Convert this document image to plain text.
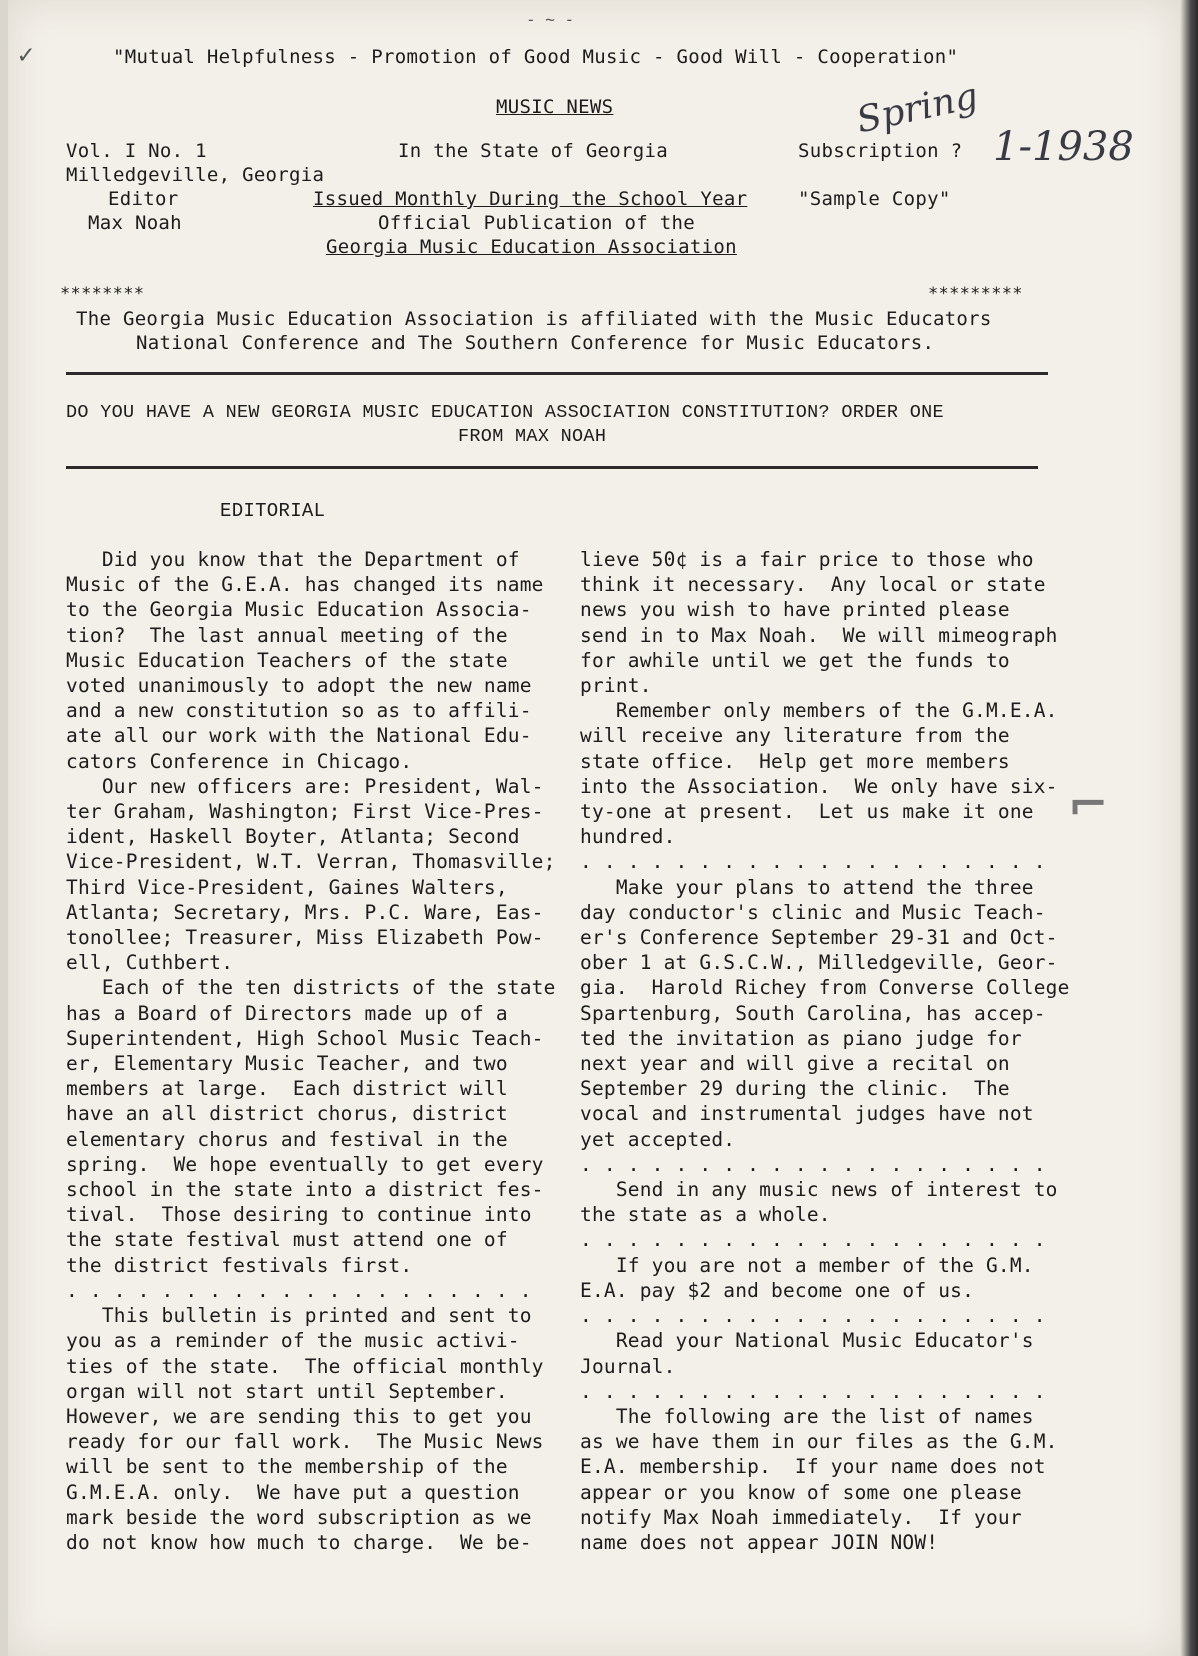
- ~ -
✓	"Mutual Helpfulness - Promotion of Good Music - Good Will - Cooperation"
MUSIC NEWS
Vol. I No. 1
Milledgeville, Georgia
Editor
Max Noah
In the State of Georgia
Issued Monthly During the School Year
Official Publication of the
Georgia Music Education Association
Subscription ?
"Sample Copy"
Spring
1-1938
********	*********
The Georgia Music Education Association is affiliated with the Music Educators
National Conference and The Southern Conference for Music Educators.
DO YOU HAVE A NEW GEORGIA MUSIC EDUCATION ASSOCIATION CONSTITUTION? ORDER ONE
FROM MAX NOAH
EDITORIAL
Did you know that the Department of
Music of the G.E.A. has changed its name
to the Georgia Music Education Associa-
tion?  The last annual meeting of the
Music Education Teachers of the state
voted unanimously to adopt the new name
and a new constitution so as to affili-
ate all our work with the National Edu-
cators Conference in Chicago.
Our new officers are: President, Wal-
ter Graham, Washington; First Vice-Pres-
ident, Haskell Boyter, Atlanta; Second
Vice-President, W.T. Verran, Thomasville;
Third Vice-President, Gaines Walters,
Atlanta; Secretary, Mrs. P.C. Ware, Eas-
tonollee; Treasurer, Miss Elizabeth Pow-
ell, Cuthbert.
Each of the ten districts of the state
has a Board of Directors made up of a
Superintendent, High School Music Teach-
er, Elementary Music Teacher, and two
members at large.  Each district will
have an all district chorus, district
elementary chorus and festival in the
spring.  We hope eventually to get every
school in the state into a district fes-
tival.  Those desiring to continue into
the state festival must attend one of
the district festivals first.
. . . . . . . . . . . . . . . . . . . .
This bulletin is printed and sent to
you as a reminder of the music activi-
ties of the state.  The official monthly
organ will not start until September.
However, we are sending this to get you
ready for our fall work.  The Music News
will be sent to the membership of the
G.M.E.A. only.  We have put a question
mark beside the word subscription as we
do not know how much to charge.  We be-
lieve 50¢ is a fair price to those who
think it necessary.  Any local or state
news you wish to have printed please
send in to Max Noah.  We will mimeograph
for awhile until we get the funds to
print.
Remember only members of the G.M.E.A.
will receive any literature from the
state office.  Help get more members
into the Association.  We only have six-
ty-one at present.  Let us make it one
hundred.
. . . . . . . . . . . . . . . . . . . .
Make your plans to attend the three
day conductor's clinic and Music Teach-
er's Conference September 29-31 and Oct-
ober 1 at G.S.C.W., Milledgeville, Geor-
gia.  Harold Richey from Converse College
Spartenburg, South Carolina, has accep-
ted the invitation as piano judge for
next year and will give a recital on
September 29 during the clinic.  The
vocal and instrumental judges have not
yet accepted.
. . . . . . . . . . . . . . . . . . . .
Send in any music news of interest to
the state as a whole.
. . . . . . . . . . . . . . . . . . . .
If you are not a member of the G.M.
E.A. pay $2 and become one of us.
. . . . . . . . . . . . . . . . . . . .
Read your National Music Educator's
Journal.
. . . . . . . . . . . . . . . . . . . .
The following are the list of names
as we have them in our files as the G.M.
E.A. membership.  If your name does not
appear or you know of some one please
notify Max Noah immediately.  If your
name does not appear JOIN NOW!
⌐
